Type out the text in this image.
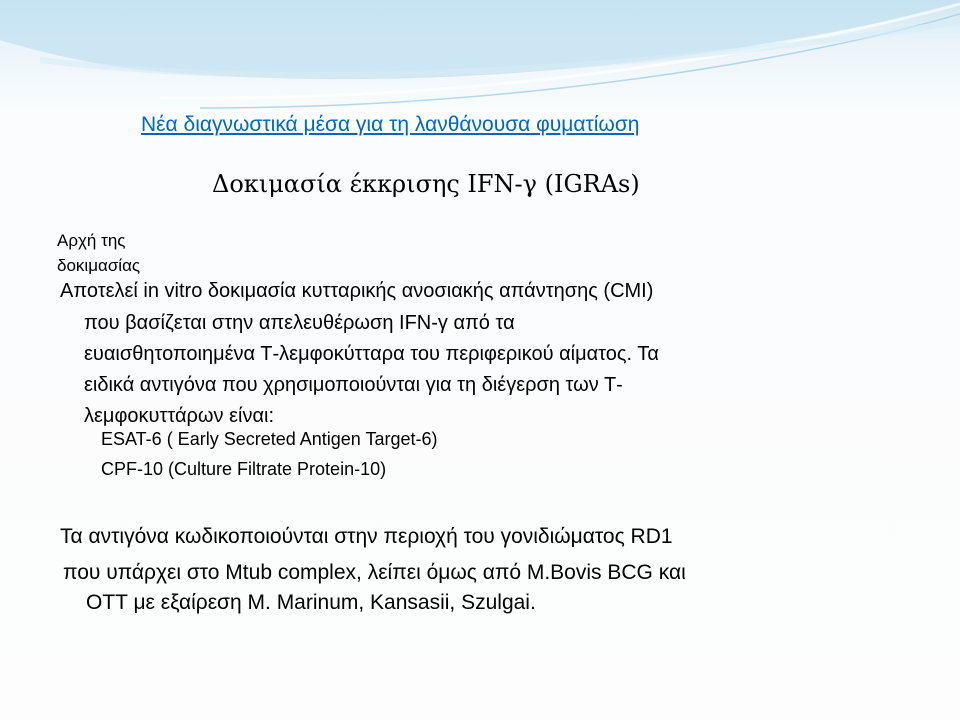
Νέα διαγνωστικά μέσα για τη λανθάνουσα φυματίωση
Δοκιμασία έκκρισης IFN-γ (IGRAs)
Αρχή της δοκιμασίας
Αποτελεί in vitro δοκιμασία κυτταρικής ανοσιακής απάντησης (CMI)
που βασίζεται στην απελευθέρωση IFN-γ από τα
ευαισθητοποιημένα Τ-λεμφοκύτταρα του περιφερικού αίματος. Τα
ειδικά αντιγόνα που χρησιμοποιούνται για τη διέγερση των Τ-
λεμφοκυττάρων είναι:
ESAT-6 ( Early Secreted Antigen Target-6)
CPF-10 (Culture Filtrate Protein-10)
Τα αντιγόνα κωδικοποιούνται στην περιοχή του γονιδιώματος RD1
που υπάρχει στο Mtub complex, λείπει όμως από M.Bovis BCG και
OTT με εξαίρεση M. Marinum, Kansasii, Szulgai.
